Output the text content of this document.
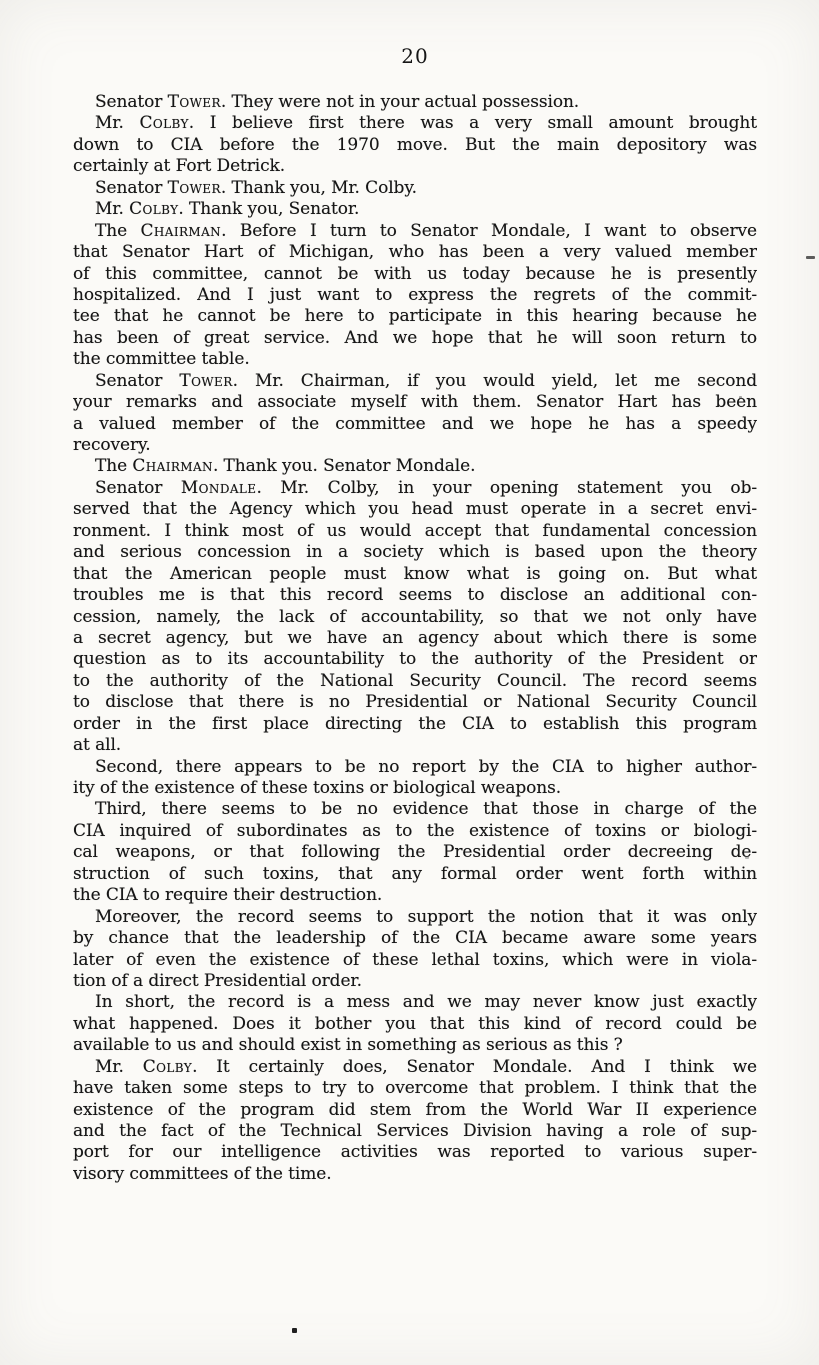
20
Senator Tower. They were not in your actual possession.
Mr. Colby. I believe first there was a very small amount brought
down to CIA before the 1970 move. But the main depository was
certainly at Fort Detrick.
Senator Tower. Thank you, Mr. Colby.
Mr. Colby. Thank you, Senator.
The Chairman. Before I turn to Senator Mondale, I want to observe
that Senator Hart of Michigan, who has been a very valued member
of this committee, cannot be with us today because he is presently
hospitalized. And I just want to express the regrets of the commit-
tee that he cannot be here to participate in this hearing because he
has been of great service. And we hope that he will soon return to
the committee table.
Senator Tower. Mr. Chairman, if you would yield, let me second
your remarks and associate myself with them. Senator Hart has been
a valued member of the committee and we hope he has a speedy
recovery.
The Chairman. Thank you. Senator Mondale.
Senator Mondale. Mr. Colby, in your opening statement you ob-
served that the Agency which you head must operate in a secret envi-
ronment. I think most of us would accept that fundamental concession
and serious concession in a society which is based upon the theory
that the American people must know what is going on. But what
troubles me is that this record seems to disclose an additional con-
cession, namely, the lack of accountability, so that we not only have
a secret agency, but we have an agency about which there is some
question as to its accountability to the authority of the President or
to the authority of the National Security Council. The record seems
to disclose that there is no Presidential or National Security Council
order in the first place directing the CIA to establish this program
at all.
Second, there appears to be no report by the CIA to higher author-
ity of the existence of these toxins or biological weapons.
Third, there seems to be no evidence that those in charge of the
CIA inquired of subordinates as to the existence of toxins or biologi-
cal weapons, or that following the Presidential order decreeing de-
struction of such toxins, that any formal order went forth within
the CIA to require their destruction.
Moreover, the record seems to support the notion that it was only
by chance that the leadership of the CIA became aware some years
later of even the existence of these lethal toxins, which were in viola-
tion of a direct Presidential order.
In short, the record is a mess and we may never know just exactly
what happened. Does it bother you that this kind of record could be
available to us and should exist in something as serious as this ?
Mr. Colby. It certainly does, Senator Mondale. And I think we
have taken some steps to try to overcome that problem. I think that the
existence of the program did stem from the World War II experience
and the fact of the Technical Services Division having a role of sup-
port for our intelligence activities was reported to various super-
visory committees of the time.
